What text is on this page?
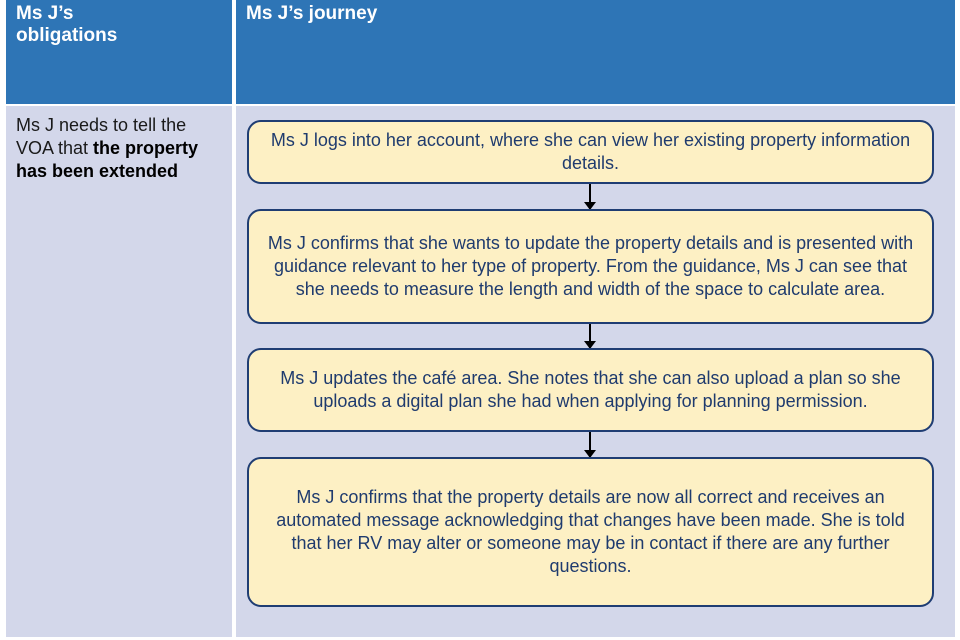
Ms J’s obligations
Ms J’s journey
Ms J needs to tell the VOA that the property has been extended
Ms J logs into her account, where she can view her existing property information details.
Ms J confirms that she wants to update the property details and is presented with guidance relevant to her type of property. From the guidance, Ms J can see that she needs to measure the length and width of the space to calculate area.
Ms J updates the café area. She notes that she can also upload a plan so she uploads a digital plan she had when applying for planning permission.
Ms J confirms that the property details are now all correct and receives an automated message acknowledging that changes have been made. She is told that her RV may alter or someone may be in contact if there are any further questions.
